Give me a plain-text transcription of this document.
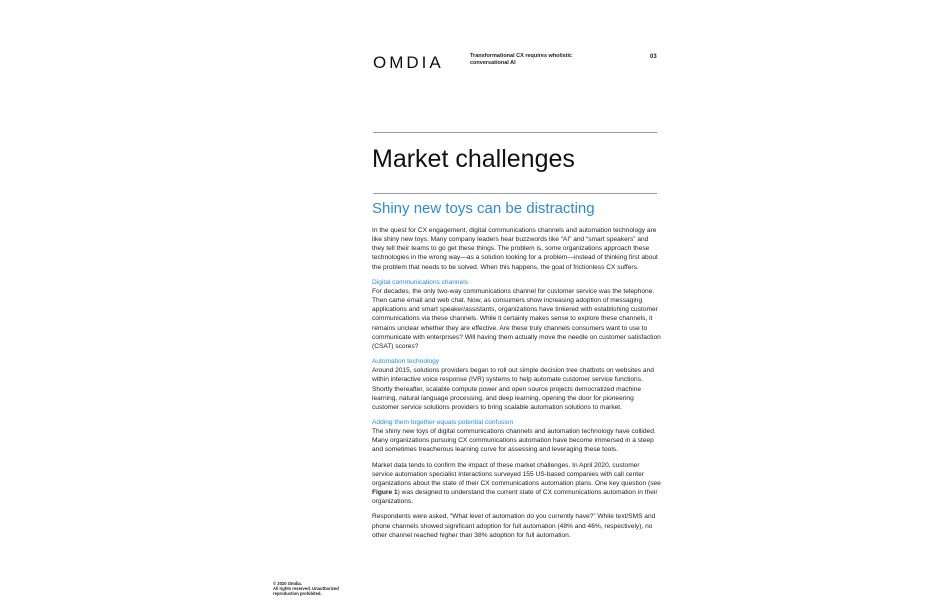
OMDIA	Transformational CX requires wholistic conversational AI
03
Market challenges
Shiny new toys can be distracting

In the quest for CX engagement, digital communications channels and automation technology are like shiny new toys. Many company leaders hear buzzwords like “AI” and “smart speakers” and they tell their teams to go get these things. The problem is, some organizations approach these technologies in the wrong way—as a solution looking for a problem—instead of thinking first about the problem that needs to be solved. When this happens, the goal of frictionless CX suffers.

Digital communications channels

For decades, the only two-way communications channel for customer service was the telephone. Then came email and web chat. Now, as consumers show increasing adoption of messaging applications and smart speaker/assistants, organizations have tinkered with establishing customer communications via these channels. While it certainly makes sense to explore these channels, it remains unclear whether they are effective. Are these truly channels consumers want to use to communicate with enterprises? Will having them actually move the needle on customer satisfaction (CSAT) scores?

Automation technology

Around 2015, solutions providers began to roll out simple decision tree chatbots on websites and within interactive voice response (IVR) systems to help automate customer service functions. Shortly thereafter, scalable compute power and open source projects democratized machine learning, natural language processing, and deep learning, opening the door for pioneering customer service solutions providers to bring scalable automation solutions to market.

Adding them together equals potential confusion

The shiny new toys of digital communications channels and automation technology have collided. Many organizations pursuing CX communications automation have become immersed in a steep and sometimes treacherous learning curve for assessing and leveraging these tools.

Market data tends to confirm the impact of these market challenges. In April 2020, customer service automation specialist Interactions surveyed 155 US-based companies with call center organizations about the state of their CX communications automation plans. One key question (see Figure 1) was designed to understand the current state of CX communications automation in their organizations.

Respondents were asked, “What level of automation do you currently have?” While text/SMS and phone channels showed significant adoption for full automation (48% and 46%, respectively), no other channel reached higher than 38% adoption for full automation.

© 2020 Omdia.
All rights reserved. Unauthorized reproduction prohibited.
